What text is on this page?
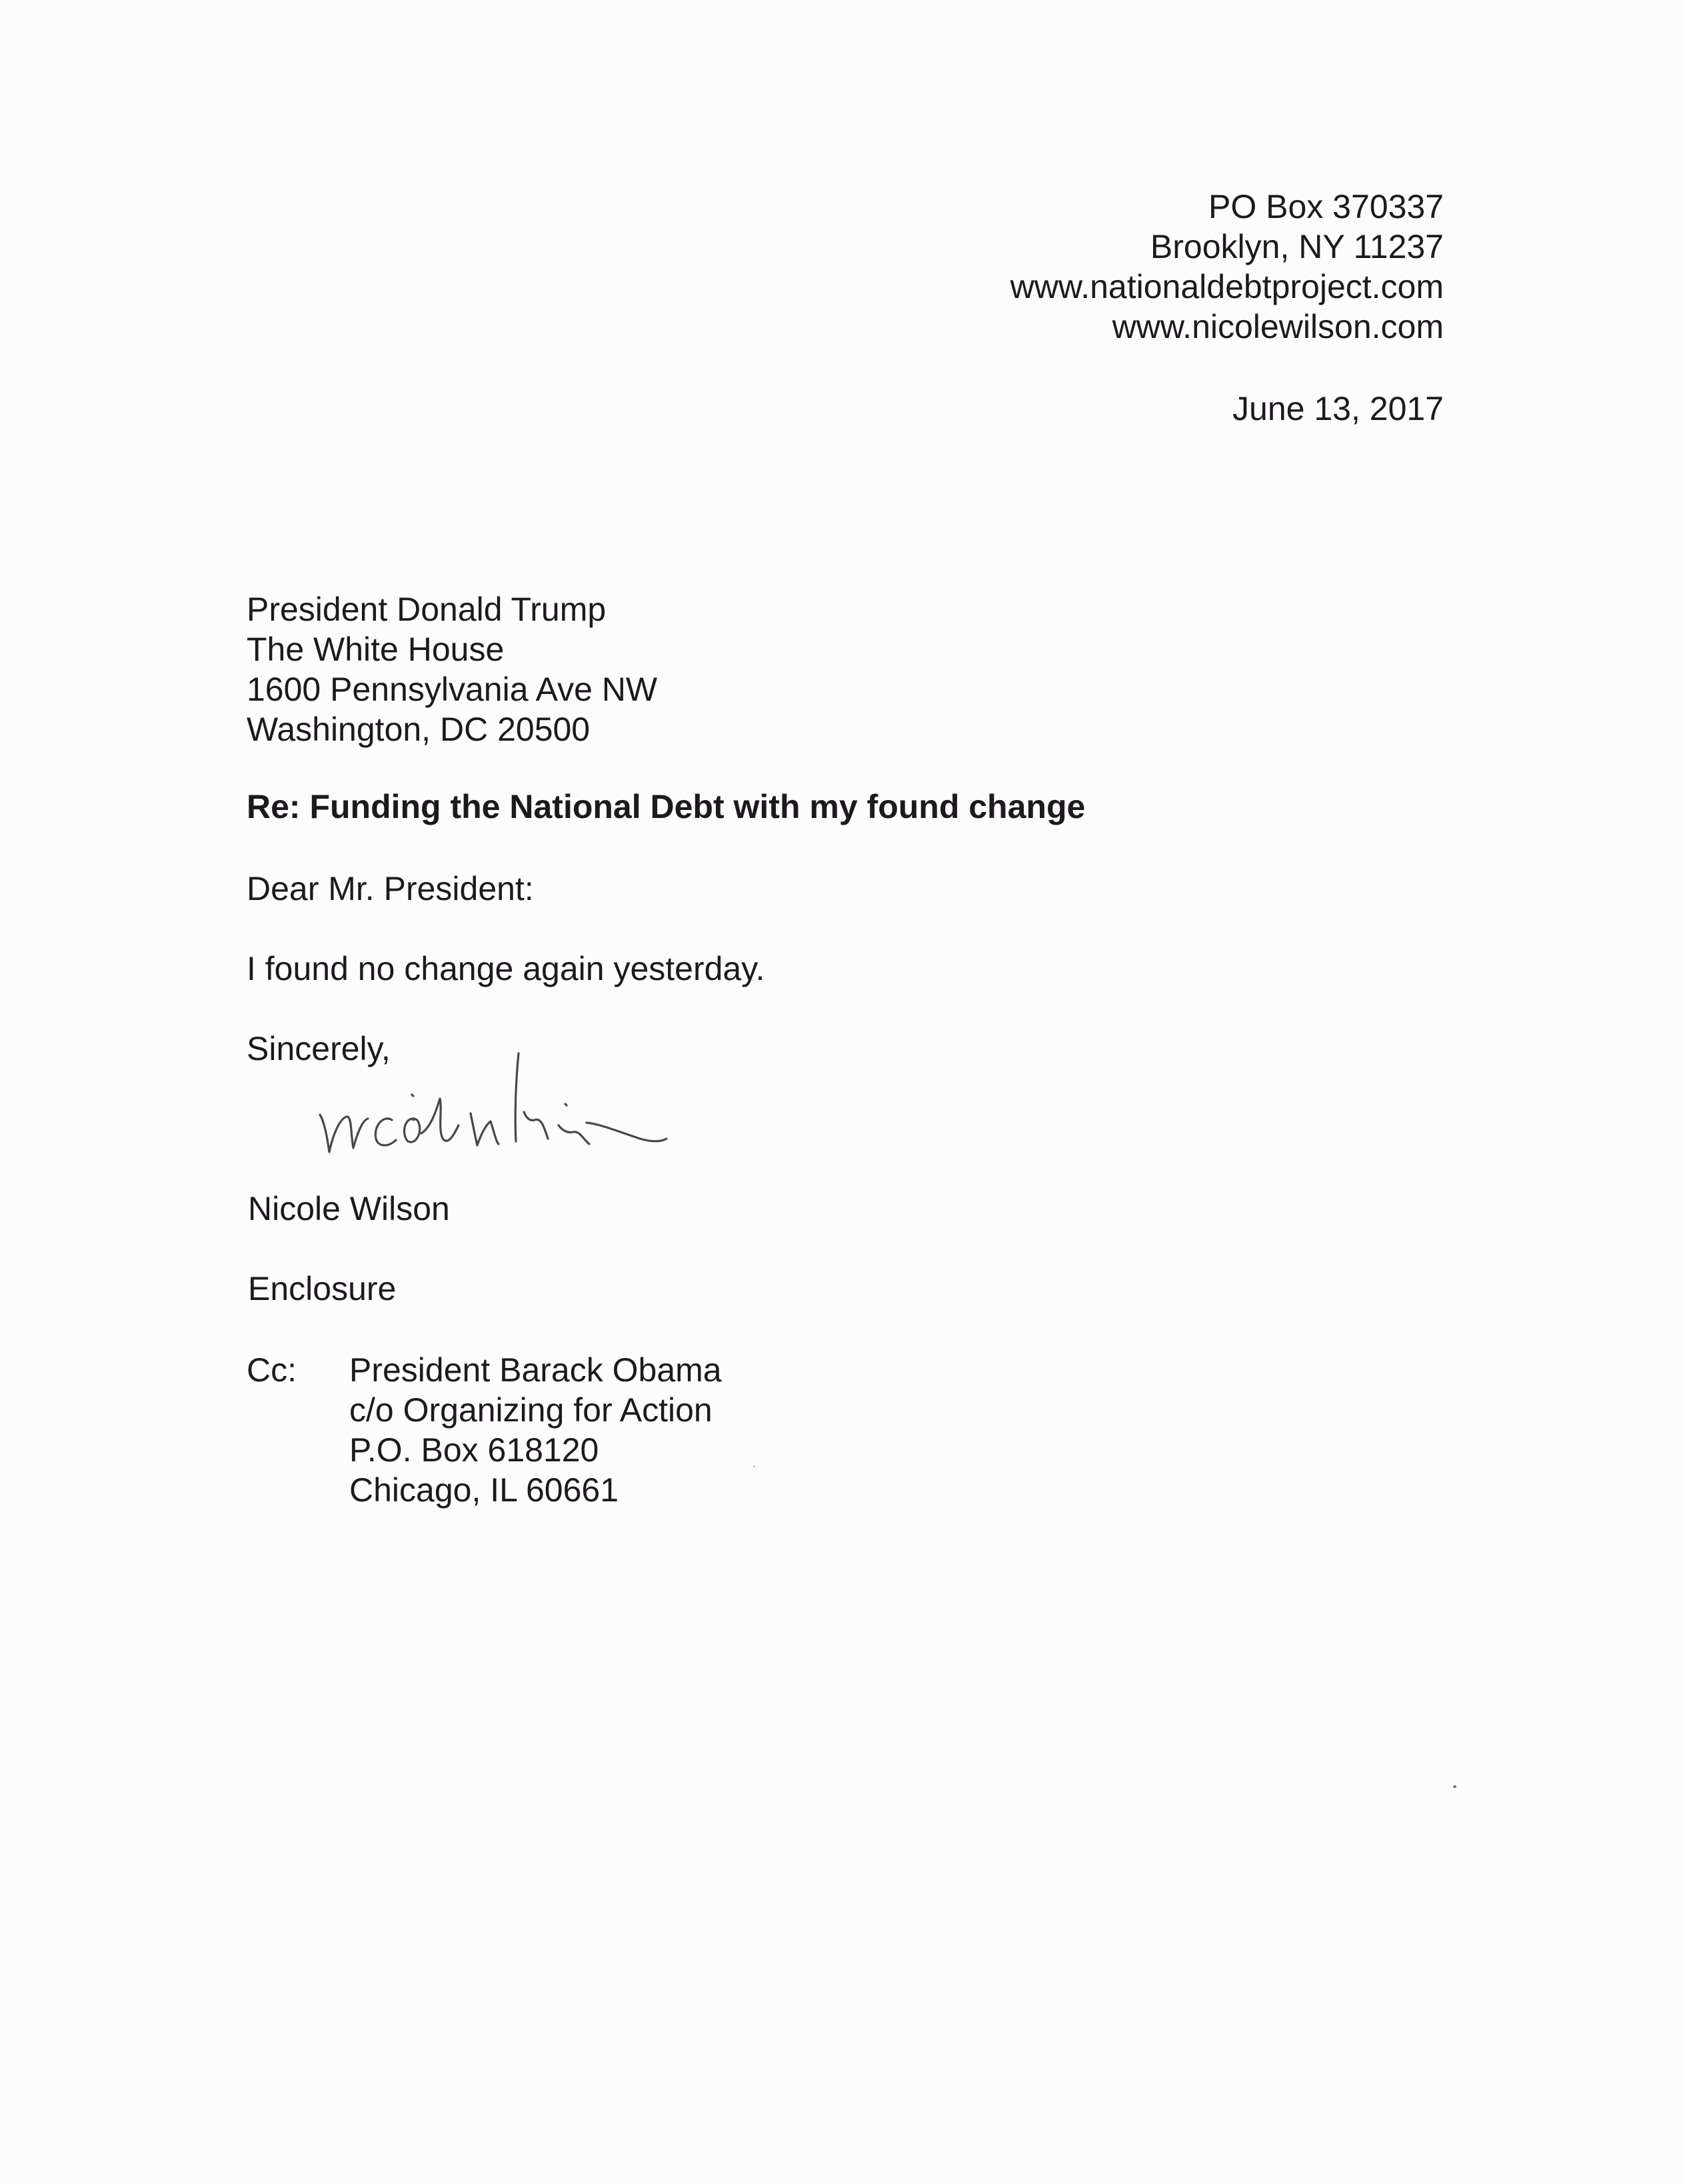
PO Box 370337
Brooklyn, NY 11237
www.nationaldebtproject.com
www.nicolewilson.com
June 13, 2017
President Donald Trump
The White House
1600 Pennsylvania Ave NW
Washington, DC 20500
Re: Funding the National Debt with my found change
Dear Mr. President:
I found no change again yesterday.
Sincerely,
Nicole Wilson
Enclosure
Cc: President Barack Obama
c/o Organizing for Action
P.O. Box 618120
Chicago, IL 60661
